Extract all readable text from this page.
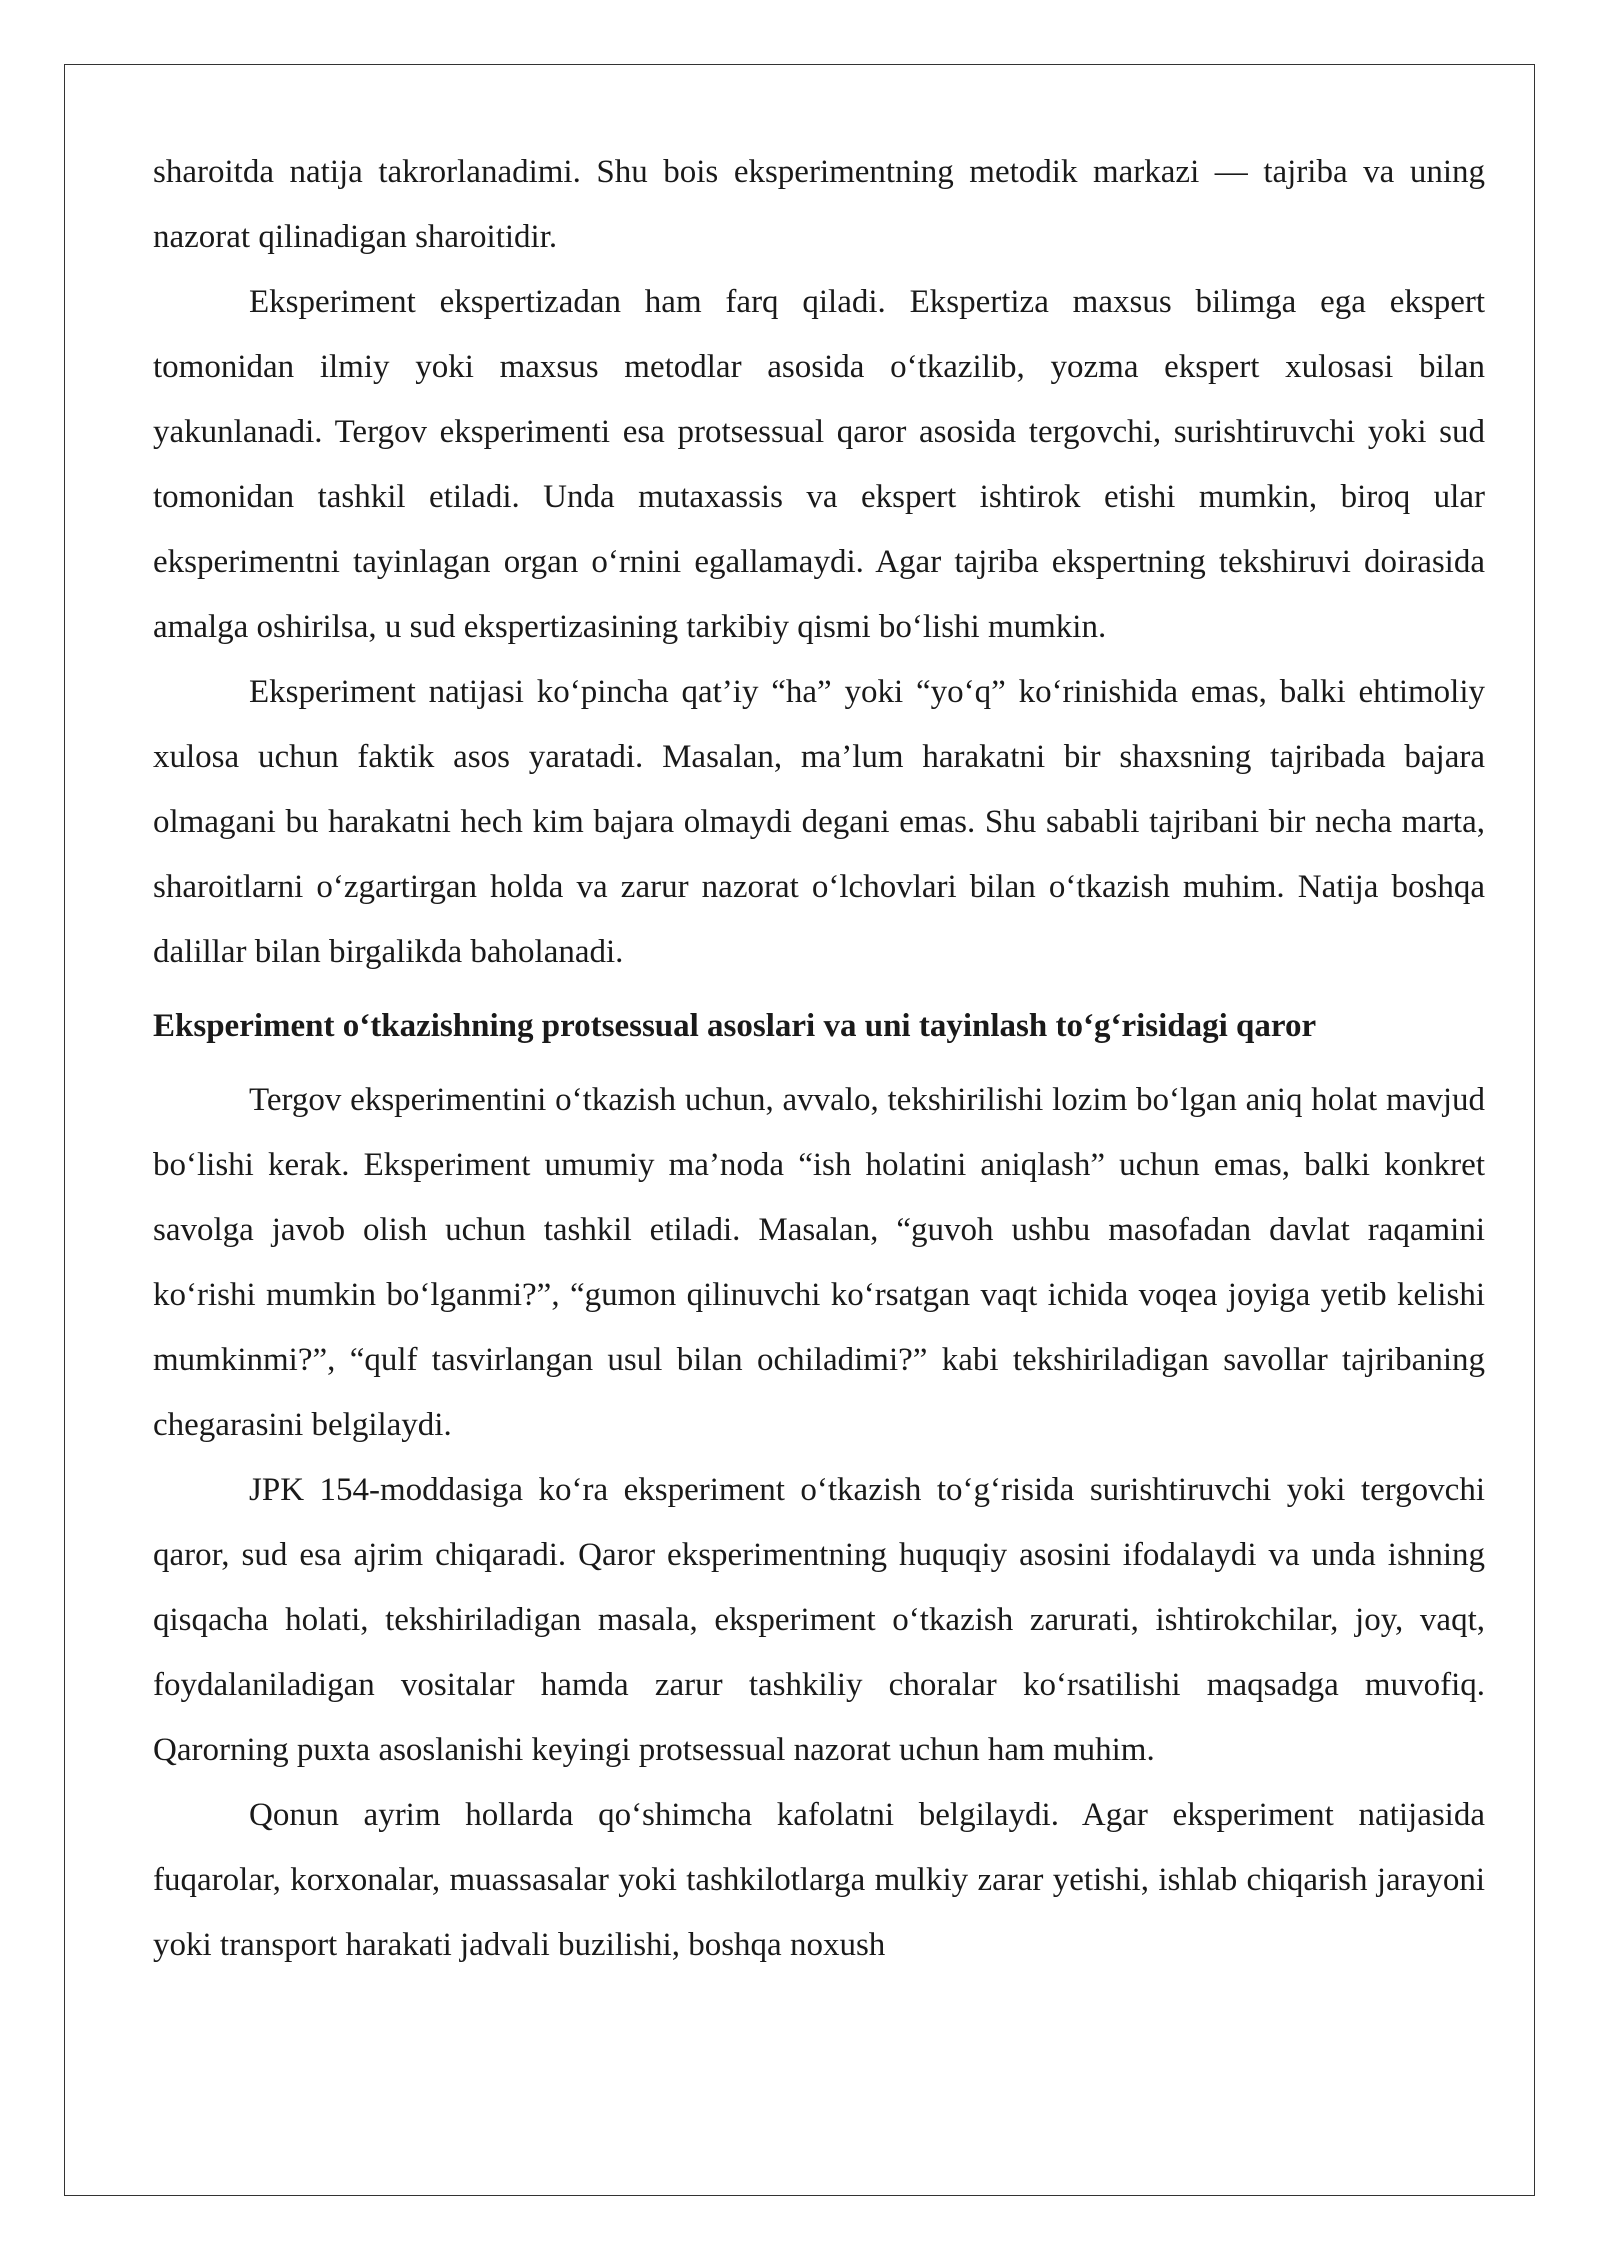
sharoitda natija takrorlanadimi. Shu bois eksperimentning metodik markazi — tajriba va uning nazorat qilinadigan sharoitidir.

Eksperiment ekspertizadan ham farq qiladi. Ekspertiza maxsus bilimga ega ekspert tomonidan ilmiy yoki maxsus metodlar asosida o‘tkazilib, yozma ekspert xulosasi bilan yakunlanadi. Tergov eksperimenti esa protsessual qaror asosida tergovchi, surishtiruvchi yoki sud tomonidan tashkil etiladi. Unda mutaxassis va ekspert ishtirok etishi mumkin, biroq ular eksperimentni tayinlagan organ o‘rnini egallamaydi. Agar tajriba ekspertning tekshiruvi doirasida amalga oshirilsa, u sud ekspertizasining tarkibiy qismi bo‘lishi mumkin.

Eksperiment natijasi ko‘pincha qat’iy “ha” yoki “yo‘q” ko‘rinishida emas, balki ehtimoliy xulosa uchun faktik asos yaratadi. Masalan, ma’lum harakatni bir shaxsning tajribada bajara olmagani bu harakatni hech kim bajara olmaydi degani emas. Shu sababli tajribani bir necha marta, sharoitlarni o‘zgartirgan holda va zarur nazorat o‘lchovlari bilan o‘tkazish muhim. Natija boshqa dalillar bilan birgalikda baholanadi.

Eksperiment o‘tkazishning protsessual asoslari va uni tayinlash to‘g‘risidagi qaror

Tergov eksperimentini o‘tkazish uchun, avvalo, tekshirilishi lozim bo‘lgan aniq holat mavjud bo‘lishi kerak. Eksperiment umumiy ma’noda “ish holatini aniqlash” uchun emas, balki konkret savolga javob olish uchun tashkil etiladi. Masalan, “guvoh ushbu masofadan davlat raqamini ko‘rishi mumkin bo‘lganmi?”, “gumon qilinuvchi ko‘rsatgan vaqt ichida voqea joyiga yetib kelishi mumkinmi?”, “qulf tasvirlangan usul bilan ochiladimi?” kabi tekshiriladigan savollar tajribaning chegarasini belgilaydi.

JPK 154-moddasiga ko‘ra eksperiment o‘tkazish to‘g‘risida surishtiruvchi yoki tergovchi qaror, sud esa ajrim chiqaradi. Qaror eksperimentning huquqiy asosini ifodalaydi va unda ishning qisqacha holati, tekshiriladigan masala, eksperiment o‘tkazish zarurati, ishtirokchilar, joy, vaqt, foydalaniladigan vositalar hamda zarur tashkiliy choralar ko‘rsatilishi maqsadga muvofiq. Qarorning puxta asoslanishi keyingi protsessual nazorat uchun ham muhim.

Qonun ayrim hollarda qo‘shimcha kafolatni belgilaydi. Agar eksperiment natijasida fuqarolar, korxonalar, muassasalar yoki tashkilotlarga mulkiy zarar yetishi, ishlab chiqarish jarayoni yoki transport harakati jadvali buzilishi, boshqa noxush
